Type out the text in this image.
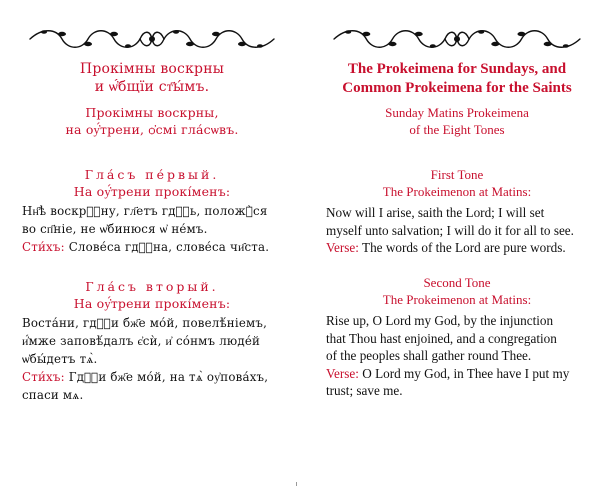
Прокімны воскрны
и ѡ҆́бщїи ст҃ы́мъ.
Прокімны воскрны,
на оу҆́трени, ѻ҆смі гла́сѡвъ.
Гла́съ пе́рвый.
На оу҆́трени прокі́менъ:
Нн҃ѣ воскрⷭ҇ну, гл҃етъ гдⷭ҇ь, положꙋ̀ся
во сп҃ніе, не ѡ҆бинюся ѡ҆ не́мъ.
Сти́хъ: Слове́са гдⷭ҇на, слове́са чи҄ста.
Гла́съ вторый.
На оу҆́трени прокі́менъ:
Воста́ни, гдⷭ҇и бж҃е мо́й, повелѣ́ніемъ,
и҆́мже заповѣ́далъ є҆сѝ, и҆ со́нмъ люде́й
ѡ҆бы́детъ тѧ̀.
Сти́хъ: Гдⷭ҇и бж҃е мо́й, на тѧ̀ оу҆пова́хъ,
спаси мѧ.
The Prokeimena for Sundays, and
Common Prokeimena for the Saints
Sunday Matins Prokeimena
of the Eight Tones
First Tone
The Prokeimenon at Matins:
Now will I arise, saith the Lord; I will set
myself unto salvation; I will do it for all to see.
Verse: The words of the Lord are pure words.
Second Tone
The Prokeimenon at Matins:
Rise up, O Lord my God, by the injunction
that Thou hast enjoined, and a congregation
of the peoples shall gather round Thee.
Verse: O Lord my God, in Thee have I put my
trust; save me.
